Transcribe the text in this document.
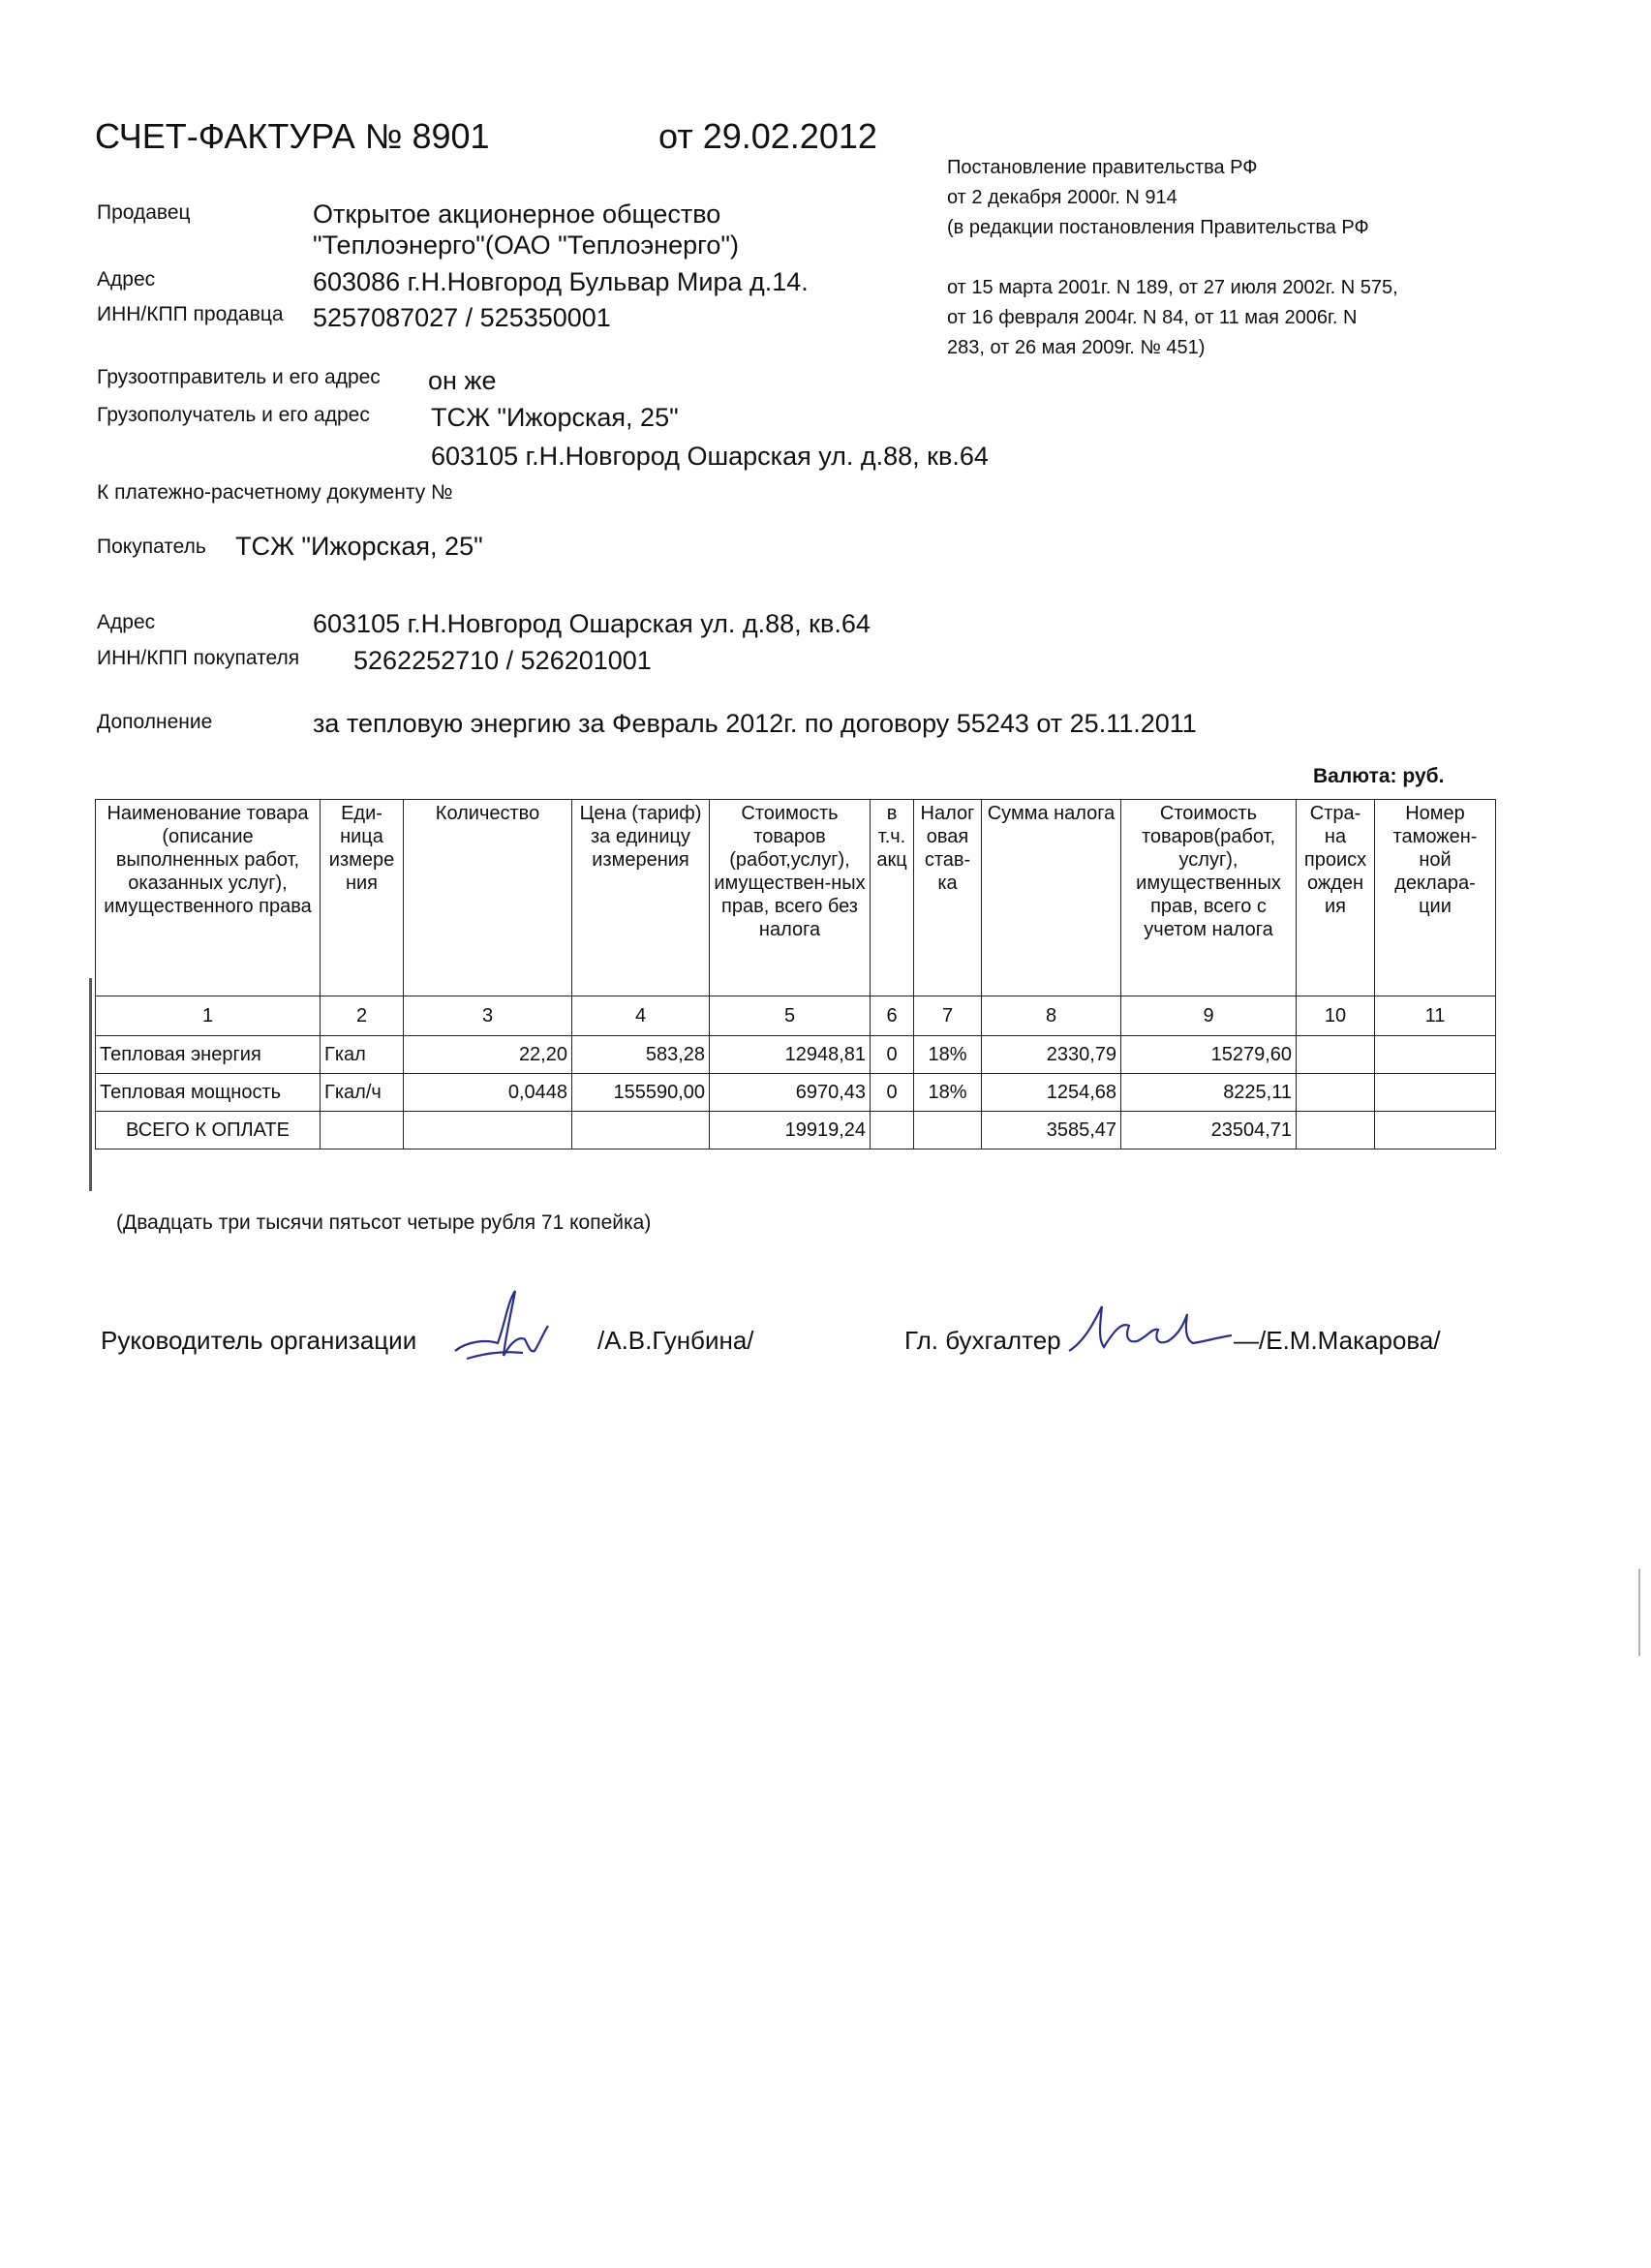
СЧЕТ-ФАКТУРА № 8901	от 29.02.2012
Постановление правительства РФ
от 2 декабря 2000г. N 914
(в редакции постановления Правительства РФ
от 15 марта 2001г. N 189, от 27 июля 2002г. N 575,
от 16 февраля 2004г. N 84, от 11 мая 2006г. N
283, от 26 мая 2009г. № 451)
Продавец	Открытое акционерное общество
"Теплоэнерго"(ОАО "Теплоэнерго")
Адрес	603086 г.Н.Новгород Бульвар Мира д.14.
ИНН/КПП продавца 5257087027 / 525350001
Грузоотправитель и его адрес он же
Грузополучатель и его адрес ТСЖ "Ижорская, 25"
603105 г.Н.Новгород Ошарская ул. д.88, кв.64
К платежно-расчетному документу №
Покупатель ТСЖ "Ижорская, 25"
Адрес	603105 г.Н.Новгород Ошарская ул. д.88, кв.64
ИНН/КПП покупателя 5262252710 / 526201001
Дополнение	за тепловую энергию за Февраль 2012г. по договору 55243 от 25.11.2011
Валюта: руб.
Наименование товара (описание выполненных работ, оказанных услуг), имущественного права	Еди-ница измере ния	Количество	Цена (тариф) за единицу измерения	Стоимость товаров (работ,услуг), имуществен-ных прав, всего без налога	в т.ч. акц	Налог овая став-ка	Сумма налога	Стоимость товаров(работ, услуг), имущественных прав, всего с учетом налога	Стра-на происх ожден ия	Номер таможен-ной деклара-ции
1	2	3	4	5	6	7	8	9	10	11
Тепловая энергия	Гкал	22,20	583,28	12948,81	0	18%	2330,79	15279,60		
Тепловая мощность	Гкал/ч	0,0448	155590,00	6970,43	0	18%	1254,68	8225,11		
ВСЕГО К ОПЛАТЕ				19919,24			3585,47	23504,71		
(Двадцать три тысячи пятьсот четыре рубля 71 копейка)
Руководитель организации	/А.В.Гунбина/	Гл. бухгалтер	—/Е.М.Макарова/
